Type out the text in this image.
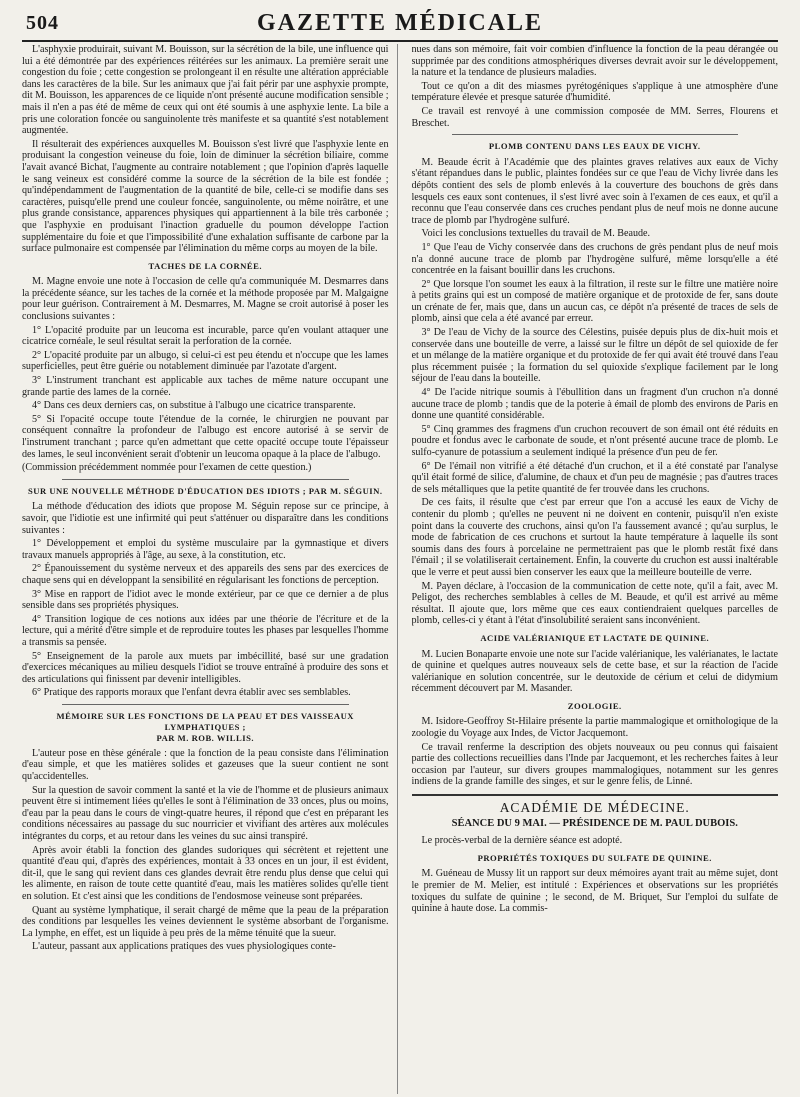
504	GAZETTE MÉDICALE

L'asphyxie produirait, suivant M. Bouisson, sur la sécrétion de la bile, une influence qui lui a été démontrée par des expériences réitérées sur les animaux. La première serait une congestion du foie ; cette congestion se prolongeant il en résulte une altération appréciable dans les caractères de la bile. Sur les animaux que j'ai fait périr par une asphyxie prompte, dit M. Bouisson, les apparences de ce liquide n'ont présenté aucune modification sensible ; mais il n'en a pas été de même de ceux qui ont été soumis à une asphyxie lente. La bile a pris une coloration foncée ou sanguinolente très manifeste et sa quantité s'est notablement augmentée.

Il résulterait des expériences auxquelles M. Bouisson s'est livré que l'asphyxie lente en produisant la congestion veineuse du foie, loin de diminuer la sécrétion biliaire, comme l'avait avancé Bichat, l'augmente au contraire notablement ; que l'opinion d'après laquelle le sang veineux est considéré comme la source de la sécrétion de la bile est fondée ; qu'indépendamment de l'augmentation de la quantité de bile, celle-ci se modifie dans ses caractères, puisqu'elle prend une couleur foncée, sanguinolente, ou même noirâtre, et une plus grande consistance, apparences physiques qui appartiennent à la bile très carbonée ; que l'asphyxie en produisant l'inaction graduelle du poumon développe l'action supplémentaire du foie et que l'impossibilité d'une exhalation suffisante de carbone par la surface pulmonaire est compensée par l'élimination du même corps au moyen de la bile.

TACHES DE LA CORNÉE.

M. Magne envoie une note à l'occasion de celle qu'a communiquée M. Desmarres dans la précédente séance, sur les taches de la cornée et la méthode proposée par M. Malgaigne pour leur guérison. Contrairement à M. Desmarres, M. Magne se croit autorisé à poser les conclusions suivantes :

1° L'opacité produite par un leucoma est incurable, parce qu'en voulant attaquer une cicatrice cornéale, le seul résultat serait la perforation de la cornée.

2° L'opacité produite par un albugo, si celui-ci est peu étendu et n'occupe que les lames superficielles, peut être guérie ou notablement diminuée par l'azotate d'argent.

3° L'instrument tranchant est applicable aux taches de même nature occupant une grande partie des lames de la cornée.

4° Dans ces deux derniers cas, on substitue à l'albugo une cicatrice transparente.

5° Si l'opacité occupe toute l'étendue de la cornée, le chirurgien ne pouvant par conséquent connaître la profondeur de l'albugo est encore autorisé à se servir de l'instrument tranchant ; parce qu'en admettant que cette opacité occupe toute l'épaisseur des lames, le seul inconvénient serait d'obtenir un leucoma opaque à la place de l'albugo.

(Commission précédemment nommée pour l'examen de cette question.)

SUR UNE NOUVELLE MÉTHODE D'ÉDUCATION DES IDIOTS ; PAR M. SÉGUIN.

La méthode d'éducation des idiots que propose M. Séguin repose sur ce principe, à savoir, que l'idiotie est une infirmité qui peut s'atténuer ou disparaître dans les conditions suivantes :

1° Développement et emploi du système musculaire par la gymnastique et divers travaux manuels appropriés à l'âge, au sexe, à la constitution, etc.

2° Épanouissement du système nerveux et des appareils des sens par des exercices de chaque sens qui en développant la sensibilité en régularisant les fonctions de perception.

3° Mise en rapport de l'idiot avec le monde extérieur, par ce que ce dernier a de plus sensible dans ses propriétés physiques.

4° Transition logique de ces notions aux idées par une théorie de l'écriture et de la lecture, qui a mérité d'être simple et de reproduire toutes les phases par lesquelles l'homme a transmis sa pensée.

5° Enseignement de la parole aux muets par imbécillité, basé sur une gradation d'exercices mécaniques au milieu desquels l'idiot se trouve entraîné à produire des sons et des articulations qui finissent par devenir intelligibles.

6° Pratique des rapports moraux que l'enfant devra établir avec ses semblables.

MÉMOIRE SUR LES FONCTIONS DE LA PEAU ET DES VAISSEAUX LYMPHATIQUES ;
PAR M. ROB. WILLIS.

L'auteur pose en thèse générale : que la fonction de la peau consiste dans l'élimination d'eau simple, et que les matières solides et gazeuses que la sueur contient ne sont qu'accidentelles.

Sur la question de savoir comment la santé et la vie de l'homme et de plusieurs animaux peuvent être si intimement liées qu'elles le sont à l'élimination de 33 onces, plus ou moins, d'eau par la peau dans le cours de vingt-quatre heures, il répond que c'est en préparant les conditions nécessaires au passage du suc nourricier et vivifiant des artères aux molécules intégrantes du corps, et au retour dans les veines du suc ainsi transpiré.

Après avoir établi la fonction des glandes sudoriques qui sécrètent et rejettent une quantité d'eau qui, d'après des expériences, montait à 33 onces en un jour, il est évident, dit-il, que le sang qui revient dans ces glandes devrait être rendu plus dense que celui qui les alimente, en raison de toute cette quantité d'eau, mais les matières solides qu'elle tient en solution. Et c'est ainsi que les conditions de l'endosmose veineuse sont préparées.

Quant au système lymphatique, il serait chargé de même que la peau de la préparation des conditions par lesquelles les veines deviennent le système absorbant de l'organisme. La lymphe, en effet, est un liquide à peu près de la même ténuité que la sueur.

L'auteur, passant aux applications pratiques des vues physiologiques conte-

nues dans son mémoire, fait voir combien d'influence la fonction de la peau dérangée ou supprimée par des conditions atmosphériques diverses devrait avoir sur le développement, la nature et la tendance de plusieurs maladies.

Tout ce qu'on a dit des miasmes pyrétogéniques s'applique à une atmosphère d'une température élevée et presque saturée d'humidité.

Ce travail est renvoyé à une commission composée de MM. Serres, Flourens et Breschet.

PLOMB CONTENU DANS LES EAUX DE VICHY.

M. Beaude écrit à l'Académie que des plaintes graves relatives aux eaux de Vichy s'étant répandues dans le public, plaintes fondées sur ce que l'eau de Vichy livrée dans les dépôts contient des sels de plomb enlevés à la couverture des bouchons de grès dans lesquels ces eaux sont contenues, il s'est livré avec soin à l'examen de ces eaux, et qu'il a reconnu que l'eau conservée dans ces cruches pendant plus de neuf mois ne donne aucune trace de plomb par l'hydrogène sulfuré.

Voici les conclusions textuelles du travail de M. Beaude.

1° Que l'eau de Vichy conservée dans des cruchons de grès pendant plus de neuf mois n'a donné aucune trace de plomb par l'hydrogène sulfuré, même lorsqu'elle a été concentrée en la faisant bouillir dans les cruchons.

2° Que lorsque l'on soumet les eaux à la filtration, il reste sur le filtre une matière noire à petits grains qui est un composé de matière organique et de protoxide de fer, sans doute un crénate de fer, mais que, dans un aucun cas, ce dépôt n'a présenté de traces de sels de plomb, ainsi que cela a été avancé par erreur.

3° De l'eau de Vichy de la source des Célestins, puisée depuis plus de dix-huit mois et conservée dans une bouteille de verre, a laissé sur le filtre un dépôt de sel quioxide de fer et un mélange de la matière organique et du protoxide de fer qui avait été trouvé dans l'eau plus récemment puisée ; la formation du sel quioxide s'explique facilement par le long séjour de l'eau dans la bouteille.

4° De l'acide nitrique soumis à l'ébullition dans un fragment d'un cruchon n'a donné aucune trace de plomb ; tandis que de la poterie à émail de plomb des environs de Paris en donne une quantité considérable.

5° Cinq grammes des fragmens d'un cruchon recouvert de son émail ont été réduits en poudre et fondus avec le carbonate de soude, et n'ont présenté aucune trace de plomb. Le sulfo-cyanure de potassium a seulement indiqué la présence d'un peu de fer.

6° De l'émail non vitrifié a été détaché d'un cruchon, et il a été constaté par l'analyse qu'il était formé de silice, d'alumine, de chaux et d'un peu de magnésie ; pas d'autres traces de sels métalliques que la petite quantité de fer trouvée dans les cruchons.

De ces faits, il résulte que c'est par erreur que l'on a accusé les eaux de Vichy de contenir du plomb ; qu'elles ne peuvent ni ne doivent en contenir, puisqu'il n'en existe point dans la couverte des cruchons, ainsi qu'on l'a faussement avancé ; qu'au surplus, le mode de fabrication de ces cruchons et surtout la haute température à laquelle ils sont soumis dans des fours à porcelaine ne permettraient pas que le plomb restât fixé dans l'émail ; il se volatiliserait certainement. Enfin, la couverte du cruchon est aussi inaltérable que le verre et peut aussi bien conserver les eaux que la meilleure bouteille de verre.

M. Payen déclare, à l'occasion de la communication de cette note, qu'il a fait, avec M. Peligot, des recherches semblables à celles de M. Beaude, et qu'il est arrivé au même résultat. Il ajoute que, lors même que ces eaux contiendraient quelques parcelles de plomb, celles-ci y étant à l'état d'insolubilité seraient sans inconvénient.

ACIDE VALÉRIANIQUE ET LACTATE DE QUININE.

M. Lucien Bonaparte envoie une note sur l'acide valérianique, les valérianates, le lactate de quinine et quelques autres nouveaux sels de cette base, et sur la réaction de l'acide valérianique en solution concentrée, sur le deutoxide de cérium et celui de didymium récemment découvert par M. Masander.

ZOOLOGIE.

M. Isidore-Geoffroy St-Hilaire présente la partie mammalogique et ornithologique de la zoologie du Voyage aux Indes, de Victor Jacquemont.

Ce travail renferme la description des objets nouveaux ou peu connus qui faisaient partie des collections recueillies dans l'Inde par Jacquemont, et les recherches faites à leur occasion par l'auteur, sur divers groupes mammalogiques, notamment sur les genres indiens de la grande famille des singes, et sur le genre felis, de Linné.

ACADÉMIE DE MÉDECINE.
SÉANCE DU 9 MAI. — PRÉSIDENCE DE M. PAUL DUBOIS.

Le procès-verbal de la dernière séance est adopté.

PROPRIÉTÉS TOXIQUES DU SULFATE DE QUININE.

M. Guéneau de Mussy lit un rapport sur deux mémoires ayant trait au même sujet, dont le premier de M. Melier, est intitulé : Expériences et observations sur les propriétés toxiques du sulfate de quinine ; le second, de M. Briquet, Sur l'emploi du sulfate de quinine à haute dose. La commis-
